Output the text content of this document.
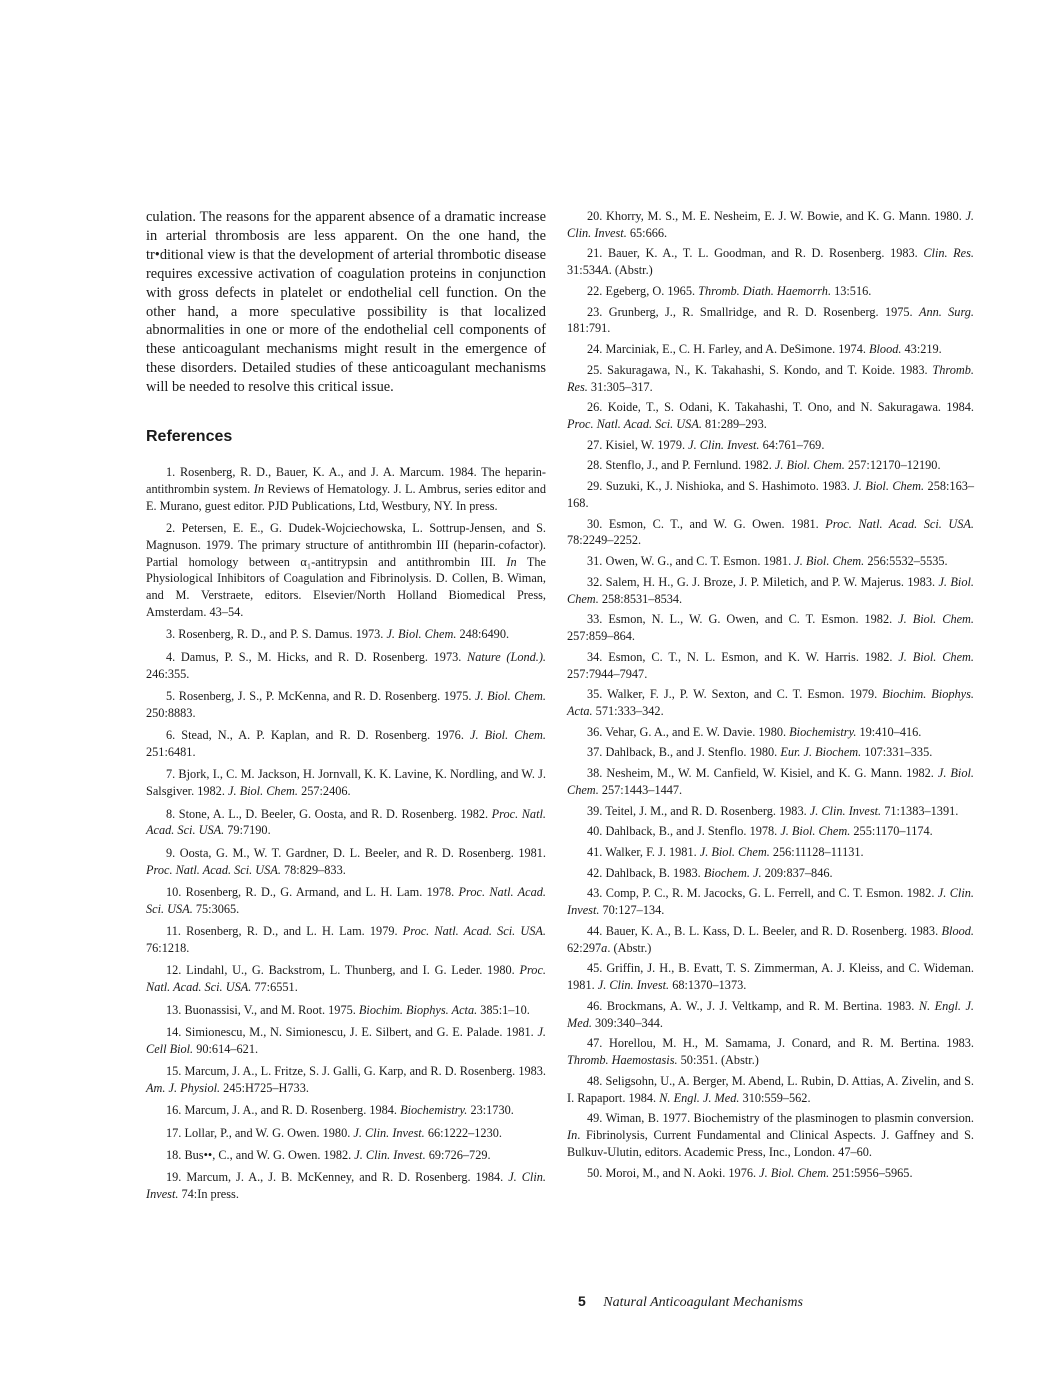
culation. The reasons for the apparent absence of a dramatic increase in arterial thrombosis are less apparent. On the one hand, the tr•ditional view is that the development of arterial thrombotic disease requires excessive activation of coagulation proteins in conjunction with gross defects in platelet or endothelial cell function. On the other hand, a more speculative possibility is that localized abnormalities in one or more of the endothelial cell components of these anticoagulant mechanisms might result in the emergence of these disorders. Detailed studies of these anticoagulant mechanisms will be needed to resolve this critical issue.

References
1. Rosenberg, R. D., Bauer, K. A., and J. A. Marcum. 1984. The heparin-antithrombin system. In Reviews of Hematology. J. L. Ambrus, series editor and E. Murano, guest editor. PJD Publications, Ltd, Westbury, NY. In press.
2. Petersen, E. E., G. Dudek-Wojciechowska, L. Sottrup-Jensen, and S. Magnuson. 1979. The primary structure of antithrombin III (heparin-cofactor). Partial homology between α₁-antitrypsin and antithrombin III. In The Physiological Inhibitors of Coagulation and Fibrinolysis. D. Collen, B. Wiman, and M. Verstraete, editors. Elsevier/North Holland Biomedical Press, Amsterdam. 43–54.
3. Rosenberg, R. D., and P. S. Damus. 1973. J. Biol. Chem. 248:6490.
4. Damus, P. S., M. Hicks, and R. D. Rosenberg. 1973. Nature (Lond.). 246:355.
5. Rosenberg, J. S., P. McKenna, and R. D. Rosenberg. 1975. J. Biol. Chem. 250:8883.
6. Stead, N., A. P. Kaplan, and R. D. Rosenberg. 1976. J. Biol. Chem. 251:6481.
7. Bjork, I., C. M. Jackson, H. Jornvall, K. K. Lavine, K. Nordling, and W. J. Salsgiver. 1982. J. Biol. Chem. 257:2406.
8. Stone, A. L., D. Beeler, G. Oosta, and R. D. Rosenberg. 1982. Proc. Natl. Acad. Sci. USA. 79:7190.
9. Oosta, G. M., W. T. Gardner, D. L. Beeler, and R. D. Rosenberg. 1981. Proc. Natl. Acad. Sci. USA. 78:829–833.
10. Rosenberg, R. D., G. Armand, and L. H. Lam. 1978. Proc. Natl. Acad. Sci. USA. 75:3065.
11. Rosenberg, R. D., and L. H. Lam. 1979. Proc. Natl. Acad. Sci. USA. 76:1218.
12. Lindahl, U., G. Backstrom, L. Thunberg, and I. G. Leder. 1980. Proc. Natl. Acad. Sci. USA. 77:6551.
13. Buonassisi, V., and M. Root. 1975. Biochim. Biophys. Acta. 385:1–10.
14. Simionescu, M., N. Simionescu, J. E. Silbert, and G. E. Palade. 1981. J. Cell Biol. 90:614–621.
15. Marcum, J. A., L. Fritze, S. J. Galli, G. Karp, and R. D. Rosenberg. 1983. Am. J. Physiol. 245:H725–H733.
16. Marcum, J. A., and R. D. Rosenberg. 1984. Biochemistry. 23:1730.
17. Lollar, P., and W. G. Owen. 1980. J. Clin. Invest. 66:1222–1230.
18. Bus••, C., and W. G. Owen. 1982. J. Clin. Invest. 69:726–729.
19. Marcum, J. A., J. B. McKenney, and R. D. Rosenberg. 1984. J. Clin. Invest. 74:In press.
20. Khorry, M. S., M. E. Nesheim, E. J. W. Bowie, and K. G. Mann. 1980. J. Clin. Invest. 65:666.
21. Bauer, K. A., T. L. Goodman, and R. D. Rosenberg. 1983. Clin. Res. 31:534A. (Abstr.)
22. Egeberg, O. 1965. Thromb. Diath. Haemorrh. 13:516.
23. Grunberg, J., R. Smallridge, and R. D. Rosenberg. 1975. Ann. Surg. 181:791.
24. Marciniak, E., C. H. Farley, and A. DeSimone. 1974. Blood. 43:219.
25. Sakuragawa, N., K. Takahashi, S. Kondo, and T. Koide. 1983. Thromb. Res. 31:305–317.
26. Koide, T., S. Odani, K. Takahashi, T. Ono, and N. Sakuragawa. 1984. Proc. Natl. Acad. Sci. USA. 81:289–293.
27. Kisiel, W. 1979. J. Clin. Invest. 64:761–769.
28. Stenflo, J., and P. Fernlund. 1982. J. Biol. Chem. 257:12170–12190.
29. Suzuki, K., J. Nishioka, and S. Hashimoto. 1983. J. Biol. Chem. 258:163–168.
30. Esmon, C. T., and W. G. Owen. 1981. Proc. Natl. Acad. Sci. USA. 78:2249–2252.
31. Owen, W. G., and C. T. Esmon. 1981. J. Biol. Chem. 256:5532–5535.
32. Salem, H. H., G. J. Broze, J. P. Miletich, and P. W. Majerus. 1983. J. Biol. Chem. 258:8531–8534.
33. Esmon, N. L., W. G. Owen, and C. T. Esmon. 1982. J. Biol. Chem. 257:859–864.
34. Esmon, C. T., N. L. Esmon, and K. W. Harris. 1982. J. Biol. Chem. 257:7944–7947.
35. Walker, F. J., P. W. Sexton, and C. T. Esmon. 1979. Biochim. Biophys. Acta. 571:333–342.
36. Vehar, G. A., and E. W. Davie. 1980. Biochemistry. 19:410–416.
37. Dahlback, B., and J. Stenflo. 1980. Eur. J. Biochem. 107:331–335.
38. Nesheim, M., W. M. Canfield, W. Kisiel, and K. G. Mann. 1982. J. Biol. Chem. 257:1443–1447.
39. Teitel, J. M., and R. D. Rosenberg. 1983. J. Clin. Invest. 71:1383–1391.
40. Dahlback, B., and J. Stenflo. 1978. J. Biol. Chem. 255:1170–1174.
41. Walker, F. J. 1981. J. Biol. Chem. 256:11128–11131.
42. Dahlback, B. 1983. Biochem. J. 209:837–846.
43. Comp, P. C., R. M. Jacocks, G. L. Ferrell, and C. T. Esmon. 1982. J. Clin. Invest. 70:127–134.
44. Bauer, K. A., B. L. Kass, D. L. Beeler, and R. D. Rosenberg. 1983. Blood. 62:297a. (Abstr.)
45. Griffin, J. H., B. Evatt, T. S. Zimmerman, A. J. Kleiss, and C. Wideman. 1981. J. Clin. Invest. 68:1370–1373.
46. Brockmans, A. W., J. J. Veltkamp, and R. M. Bertina. 1983. N. Engl. J. Med. 309:340–344.
47. Horellou, M. H., M. Samama, J. Conard, and R. M. Bertina. 1983. Thromb. Haemostasis. 50:351. (Abstr.)
48. Seligsohn, U., A. Berger, M. Abend, L. Rubin, D. Attias, A. Zivelin, and S. I. Rapaport. 1984. N. Engl. J. Med. 310:559–562.
49. Wiman, B. 1977. Biochemistry of the plasminogen to plasmin conversion. In. Fibrinolysis, Current Fundamental and Clinical Aspects. J. Gaffney and S. Bulkuv-Ulutin, editors. Academic Press, Inc., London. 47–60.
50. Moroi, M., and N. Aoki. 1976. J. Biol. Chem. 251:5956–5965.
5 Natural Anticoagulant Mechanisms
